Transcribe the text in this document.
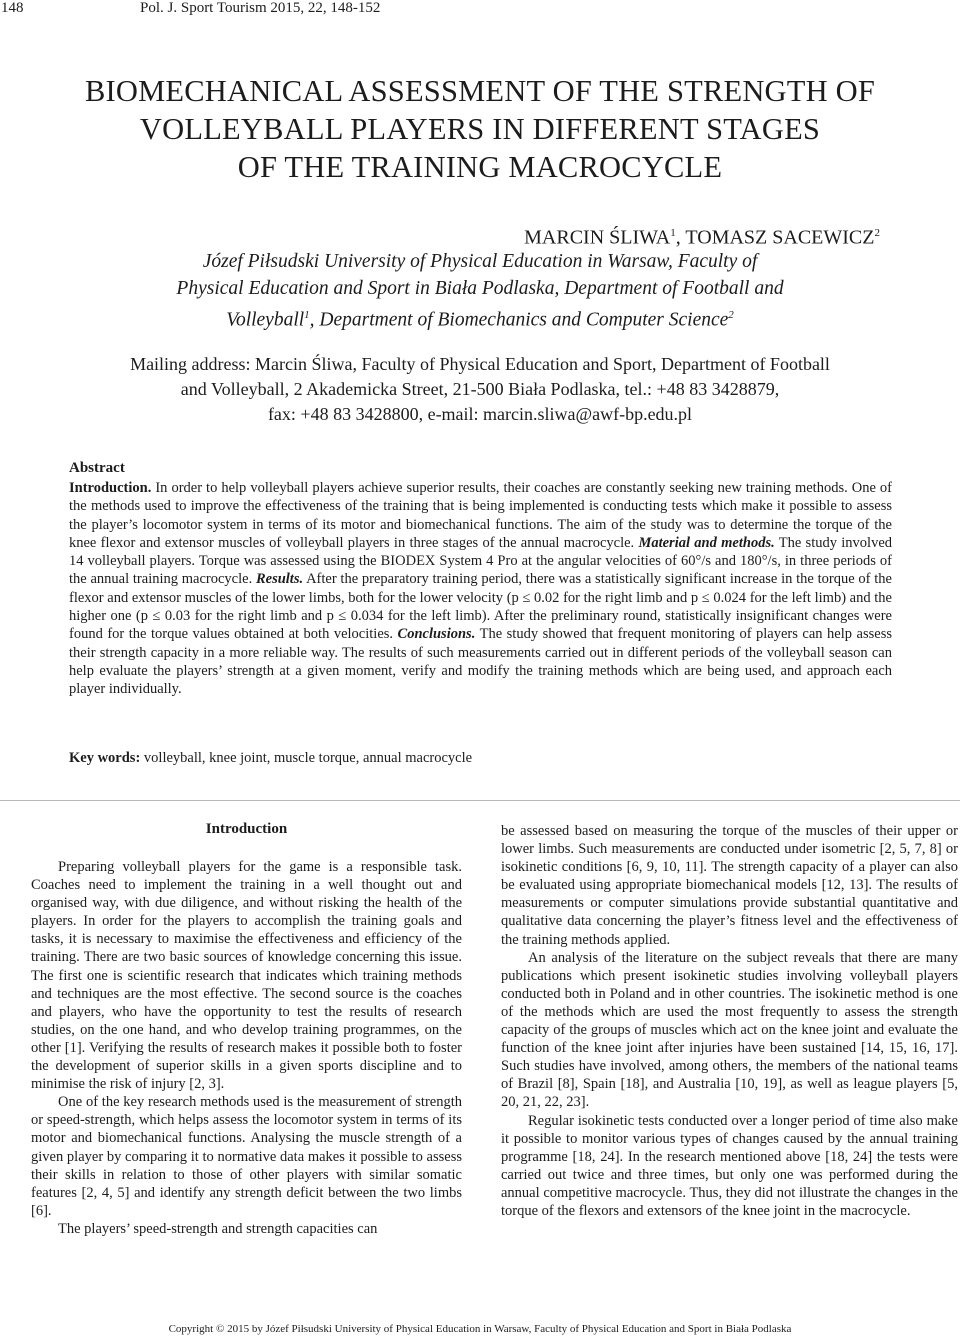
148	Pol. J. Sport Tourism 2015, 22, 148-152
BIOMECHANICAL ASSESSMENT OF THE STRENGTH OF
VOLLEYBALL PLAYERS IN DIFFERENT STAGES
OF THE TRAINING MACROCYCLE
MARCIN ŚLIWA$^1$, TOMASZ SACEWICZ$^2$
Józef Piłsudski University of Physical Education in Warsaw, Faculty of
Physical Education and Sport in Biała Podlaska, Department of Football and
Volleyball$^1$, Department of Biomechanics and Computer Science$^2$
Mailing address: Marcin Śliwa, Faculty of Physical Education and Sport, Department of Football
and Volleyball, 2 Akademicka Street, 21-500 Biała Podlaska, tel.: +48 83 3428879,
fax: +48 83 3428800, e-mail: marcin.sliwa@awf-bp.edu.pl
Abstract
Introduction. In order to help volleyball players achieve superior results, their coaches are constantly seeking new training methods. One of the methods used to improve the effectiveness of the training that is being implemented is conducting tests which make it possible to assess the player’s locomotor system in terms of its motor and biomechanical functions. The aim of the study was to determine the torque of the knee flexor and extensor muscles of volleyball players in three stages of the annual macrocycle. Material and methods. The study involved 14 volleyball players. Torque was assessed using the BIODEX System 4 Pro at the angular velocities of 60°/s and 180°/s, in three periods of the annual training macrocycle. Results. After the preparatory training period, there was a statistically significant increase in the torque of the flexor and extensor muscles of the lower limbs, both for the lower velocity (p ≤ 0.02 for the right limb and p ≤ 0.024 for the left limb) and the higher one (p ≤ 0.03 for the right limb and p ≤ 0.034 for the left limb). After the preliminary round, statistically insignificant changes were found for the torque values obtained at both velocities. Conclusions. The study showed that frequent monitoring of players can help assess their strength capacity in a more reliable way. The results of such measurements carried out in different periods of the volleyball season can help evaluate the players’ strength at a given moment, verify and modify the training methods which are being used, and approach each player individually.
Key words: volleyball, knee joint, muscle torque, annual macrocycle
Introduction

Preparing volleyball players for the game is a responsible task. Coaches need to implement the training in a well thought out and organised way, with due diligence, and without risking the health of the players. In order for the players to accomplish the training goals and tasks, it is necessary to maximise the effectiveness and efficiency of the training. There are two basic sources of knowledge concerning this issue. The first one is scientific research that indicates which training methods and techniques are the most effective. The second source is the coaches and players, who have the opportunity to test the results of research studies, on the one hand, and who develop training programmes, on the other [1]. Verifying the results of research makes it possible both to foster the development of superior skills in a given sports discipline and to minimise the risk of injury [2, 3].

One of the key research methods used is the measurement of strength or speed-strength, which helps assess the locomotor system in terms of its motor and biomechanical functions. Analysing the muscle strength of a given player by comparing it to normative data makes it possible to assess their skills in relation to those of other players with similar somatic features [2, 4, 5] and identify any strength deficit between the two limbs [6].

The players’ speed-strength and strength capacities can

be assessed based on measuring the torque of the muscles of their upper or lower limbs. Such measurements are conducted under isometric [2, 5, 7, 8] or isokinetic conditions [6, 9, 10, 11]. The strength capacity of a player can also be evaluated using appropriate biomechanical models [12, 13]. The results of measurements or computer simulations provide substantial quantitative and qualitative data concerning the player’s fitness level and the effectiveness of the training methods applied.

An analysis of the literature on the subject reveals that there are many publications which present isokinetic studies involving volleyball players conducted both in Poland and in other countries. The isokinetic method is one of the methods which are used the most frequently to assess the strength capacity of the groups of muscles which act on the knee joint and evaluate the function of the knee joint after injuries have been sustained [14, 15, 16, 17]. Such studies have involved, among others, the members of the national teams of Brazil [8], Spain [18], and Australia [10, 19], as well as league players [5, 20, 21, 22, 23].

Regular isokinetic tests conducted over a longer period of time also make it possible to monitor various types of changes caused by the annual training programme [18, 24]. In the research mentioned above [18, 24] the tests were carried out twice and three times, but only one was performed during the annual competitive macrocycle. Thus, they did not illustrate the changes in the torque of the flexors and extensors of the knee joint in the macrocycle.

Copyright © 2015 by Józef Piłsudski University of Physical Education in Warsaw, Faculty of Physical Education and Sport in Biała Podlaska
